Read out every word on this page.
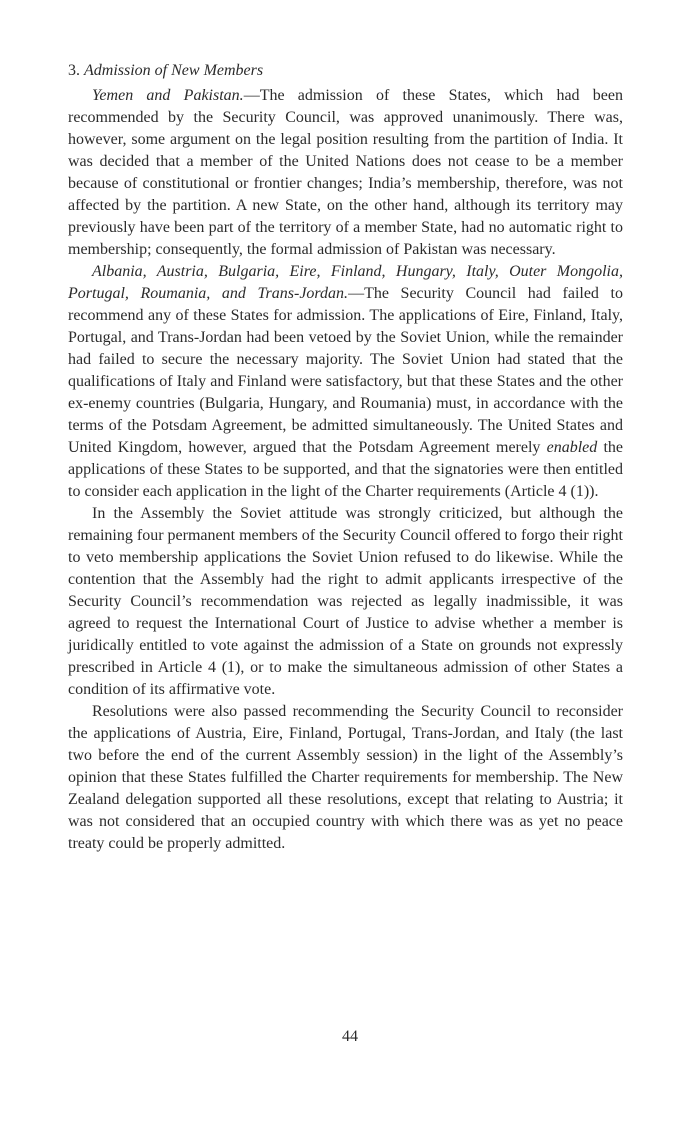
3. Admission of New Members

Yemen and Pakistan.—The admission of these States, which had been recommended by the Security Council, was approved unanimously. There was, however, some argument on the legal position resulting from the partition of India. It was decided that a member of the United Nations does not cease to be a member because of constitutional or frontier changes; India’s membership, therefore, was not affected by the partition. A new State, on the other hand, although its territory may previously have been part of the territory of a member State, had no automatic right to membership; consequently, the formal admission of Pakistan was necessary.

Albania, Austria, Bulgaria, Eire, Finland, Hungary, Italy, Outer Mongolia, Portugal, Roumania, and Trans-Jordan.—The Security Council had failed to recommend any of these States for admission. The applications of Eire, Finland, Italy, Portugal, and Trans-Jordan had been vetoed by the Soviet Union, while the remainder had failed to secure the necessary majority. The Soviet Union had stated that the qualifications of Italy and Finland were satisfactory, but that these States and the other ex-enemy countries (Bulgaria, Hungary, and Roumania) must, in accordance with the terms of the Potsdam Agreement, be admitted simultaneously. The United States and United Kingdom, however, argued that the Potsdam Agreement merely enabled the applications of these States to be supported, and that the signatories were then entitled to consider each application in the light of the Charter requirements (Article 4 (1)).

In the Assembly the Soviet attitude was strongly criticized, but although the remaining four permanent members of the Security Council offered to forgo their right to veto membership applications the Soviet Union refused to do likewise. While the contention that the Assembly had the right to admit applicants irrespective of the Security Council’s recommendation was rejected as legally inadmissible, it was agreed to request the International Court of Justice to advise whether a member is juridically entitled to vote against the admission of a State on grounds not expressly prescribed in Article 4 (1), or to make the simultaneous admission of other States a condition of its affirmative vote.

Resolutions were also passed recommending the Security Council to reconsider the applications of Austria, Eire, Finland, Portugal, Trans-Jordan, and Italy (the last two before the end of the current Assembly session) in the light of the Assembly’s opinion that these States fulfilled the Charter requirements for membership. The New Zealand delegation supported all these resolutions, except that relating to Austria; it was not considered that an occupied country with which there was as yet no peace treaty could be properly admitted.

44
